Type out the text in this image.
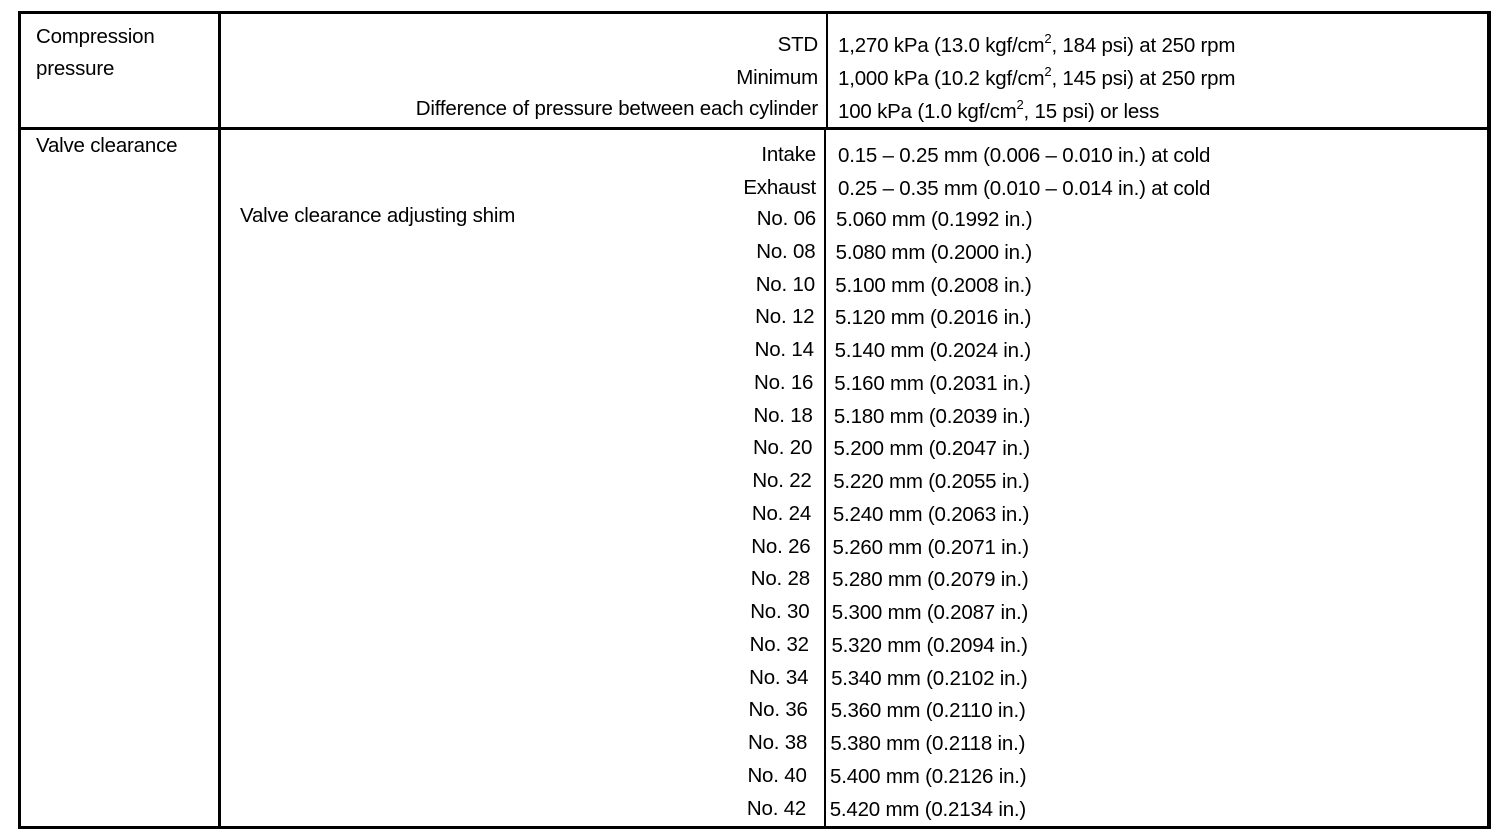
Compression
pressure
STD 1,270 kPa (13.0 kgf/$cm^2$, 184 psi) at 250 rpm
Minimum 1,000 kPa (10.2 kgf/$cm^2$, 145 psi) at 250 rpm
Difference of pressure between each cylinder 100 kPa (1.0 kgf/$cm^2$, 15 psi) or less
Valve clearance	Intake 0.15 – 0.25 mm (0.006 – 0.010 in.) at cold
Exhaust 0.25 – 0.35 mm (0.010 – 0.014 in.) at cold
Valve clearance adjusting shim	No. 06 5.060 mm (0.1992 in.)
No. 08 5.080 mm (0.2000 in.)
No. 10 5.100 mm (0.2008 in.)
No. 12 5.120 mm (0.2016 in.)
No. 14 5.140 mm (0.2024 in.)
No. 16 5.160 mm (0.2031 in.)
No. 18 5.180 mm (0.2039 in.)
No. 20 5.200 mm (0.2047 in.)
No. 22 5.220 mm (0.2055 in.)
No. 24 5.240 mm (0.2063 in.)
No. 26 5.260 mm (0.2071 in.)
No. 28 5.280 mm (0.2079 in.)
No. 30 5.300 mm (0.2087 in.)
No. 32 5.320 mm (0.2094 in.)
No. 34 5.340 mm (0.2102 in.)
No. 36 5.360 mm (0.2110 in.)
No. 38 5.380 mm (0.2118 in.)
No. 40 5.400 mm (0.2126 in.)
No. 42 5.420 mm (0.2134 in.)
